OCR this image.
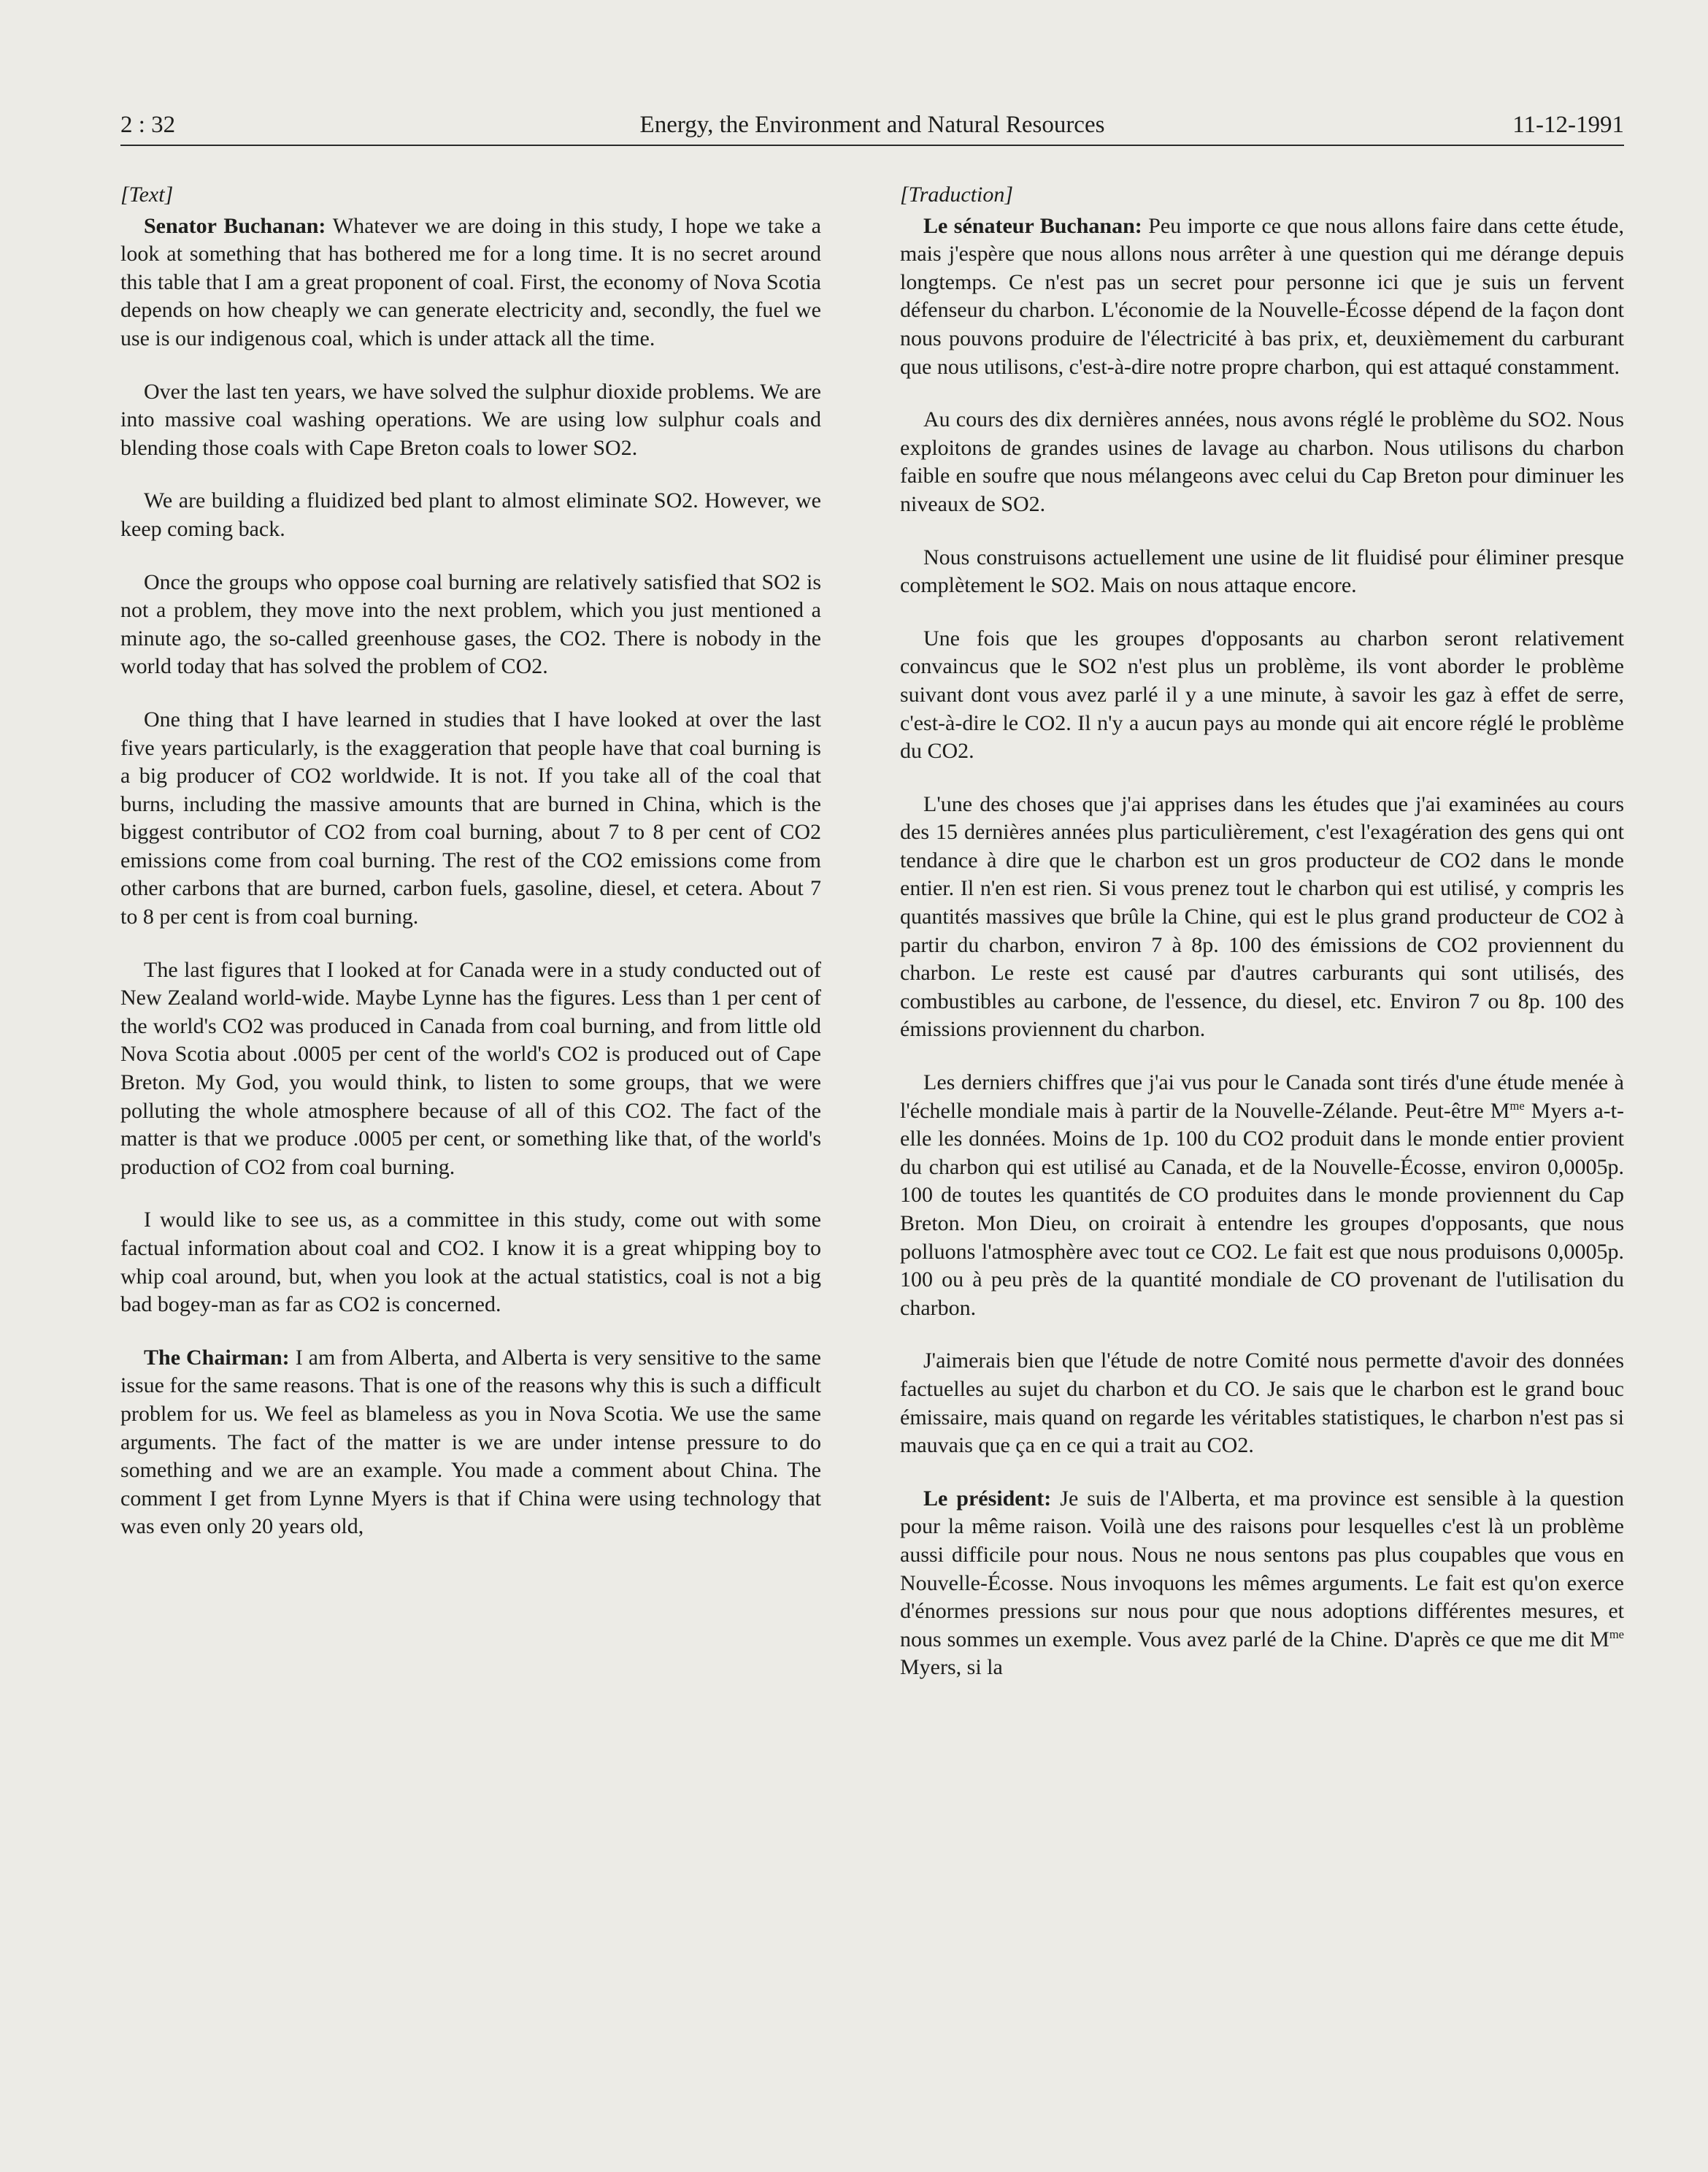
2 : 32	Energy, the Environment and Natural Resources	11-12-1991

[Text]

Senator Buchanan: Whatever we are doing in this study, I hope we take a look at something that has bothered me for a long time. It is no secret around this table that I am a great proponent of coal. First, the economy of Nova Scotia depends on how cheaply we can generate electricity and, secondly, the fuel we use is our indigenous coal, which is under attack all the time.

Over the last ten years, we have solved the sulphur dioxide problems. We are into massive coal washing operations. We are using low sulphur coals and blending those coals with Cape Breton coals to lower SO2.

We are building a fluidized bed plant to almost eliminate SO2. However, we keep coming back.

Once the groups who oppose coal burning are relatively satisfied that SO2 is not a problem, they move into the next problem, which you just mentioned a minute ago, the so-called greenhouse gases, the CO2. There is nobody in the world today that has solved the problem of CO2.

One thing that I have learned in studies that I have looked at over the last five years particularly, is the exaggeration that people have that coal burning is a big producer of CO2 worldwide. It is not. If you take all of the coal that burns, including the massive amounts that are burned in China, which is the biggest contributor of CO2 from coal burning, about 7 to 8 per cent of CO2 emissions come from coal burning. The rest of the CO2 emissions come from other carbons that are burned, carbon fuels, gasoline, diesel, et cetera. About 7 to 8 per cent is from coal burning.

The last figures that I looked at for Canada were in a study conducted out of New Zealand world-wide. Maybe Lynne has the figures. Less than 1 per cent of the world's CO2 was produced in Canada from coal burning, and from little old Nova Scotia about .0005 per cent of the world's CO2 is produced out of Cape Breton. My God, you would think, to listen to some groups, that we were polluting the whole atmosphere because of all of this CO2. The fact of the matter is that we produce .0005 per cent, or something like that, of the world's production of CO2 from coal burning.

I would like to see us, as a committee in this study, come out with some factual information about coal and CO2. I know it is a great whipping boy to whip coal around, but, when you look at the actual statistics, coal is not a big bad bogey-man as far as CO2 is concerned.

The Chairman: I am from Alberta, and Alberta is very sensitive to the same issue for the same reasons. That is one of the reasons why this is such a difficult problem for us. We feel as blameless as you in Nova Scotia. We use the same arguments. The fact of the matter is we are under intense pressure to do something and we are an example. You made a comment about China. The comment I get from Lynne Myers is that if China were using technology that was even only 20 years old,

[Traduction]

Le sénateur Buchanan: Peu importe ce que nous allons faire dans cette étude, mais j'espère que nous allons nous arrêter à une question qui me dérange depuis longtemps. Ce n'est pas un secret pour personne ici que je suis un fervent défenseur du charbon. L'économie de la Nouvelle-Écosse dépend de la façon dont nous pouvons produire de l'électricité à bas prix, et, deuxièmement du carburant que nous utilisons, c'est-à-dire notre propre charbon, qui est attaqué constamment.

Au cours des dix dernières années, nous avons réglé le problème du SO2. Nous exploitons de grandes usines de lavage au charbon. Nous utilisons du charbon faible en soufre que nous mélangeons avec celui du Cap Breton pour diminuer les niveaux de SO2.

Nous construisons actuellement une usine de lit fluidisé pour éliminer presque complètement le SO2. Mais on nous attaque encore.

Une fois que les groupes d'opposants au charbon seront relativement convaincus que le SO2 n'est plus un problème, ils vont aborder le problème suivant dont vous avez parlé il y a une minute, à savoir les gaz à effet de serre, c'est-à-dire le CO2. Il n'y a aucun pays au monde qui ait encore réglé le problème du CO2.

L'une des choses que j'ai apprises dans les études que j'ai examinées au cours des 15 dernières années plus particulièrement, c'est l'exagération des gens qui ont tendance à dire que le charbon est un gros producteur de CO2 dans le monde entier. Il n'en est rien. Si vous prenez tout le charbon qui est utilisé, y compris les quantités massives que brûle la Chine, qui est le plus grand producteur de CO2 à partir du charbon, environ 7 à 8p. 100 des émissions de CO2 proviennent du charbon. Le reste est causé par d'autres carburants qui sont utilisés, des combustibles au carbone, de l'essence, du diesel, etc. Environ 7 ou 8p. 100 des émissions proviennent du charbon.

Les derniers chiffres que j'ai vus pour le Canada sont tirés d'une étude menée à l'échelle mondiale mais à partir de la Nouvelle-Zélande. Peut-être $M^{me}$ Myers a-t-elle les données. Moins de 1p. 100 du CO2 produit dans le monde entier provient du charbon qui est utilisé au Canada, et de la Nouvelle-Écosse, environ 0,0005p. 100 de toutes les quantités de CO produites dans le monde proviennent du Cap Breton. Mon Dieu, on croirait à entendre les groupes d'opposants, que nous polluons l'atmosphère avec tout ce CO2. Le fait est que nous produisons 0,0005p. 100 ou à peu près de la quantité mondiale de CO provenant de l'utilisation du charbon.

J'aimerais bien que l'étude de notre Comité nous permette d'avoir des données factuelles au sujet du charbon et du CO. Je sais que le charbon est le grand bouc émissaire, mais quand on regarde les véritables statistiques, le charbon n'est pas si mauvais que ça en ce qui a trait au CO2.

Le président: Je suis de l'Alberta, et ma province est sensible à la question pour la même raison. Voilà une des raisons pour lesquelles c'est là un problème aussi difficile pour nous. Nous ne nous sentons pas plus coupables que vous en Nouvelle-Écosse. Nous invoquons les mêmes arguments. Le fait est qu'on exerce d'énormes pressions sur nous pour que nous adoptions différentes mesures, et nous sommes un exemple. Vous avez parlé de la Chine. D'après ce que me dit $M^{me}$ Myers, si la
